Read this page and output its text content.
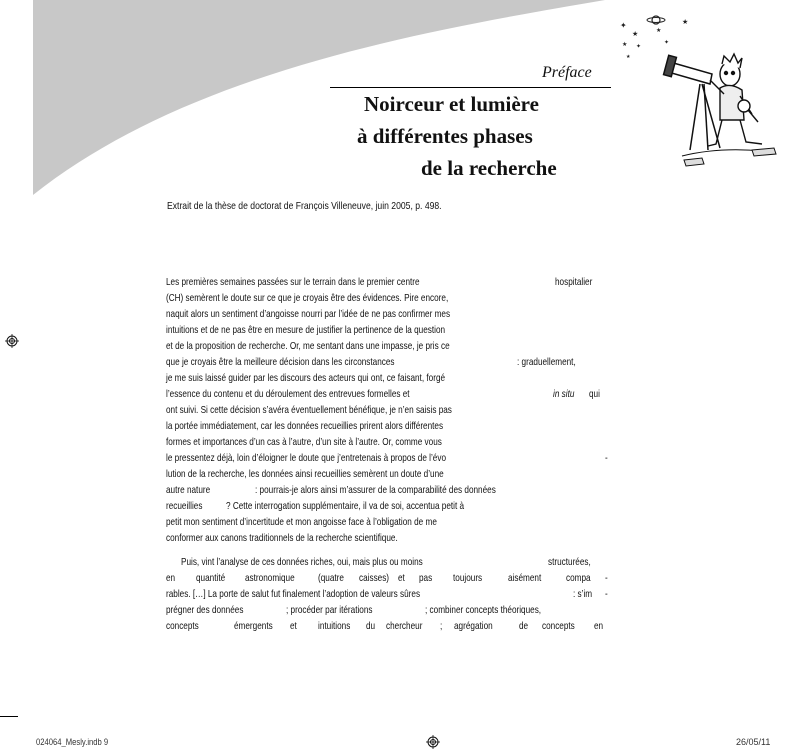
✦
★
★ ✦
★
★
✦
★
Préface
Noirceur et lumière
à différentes phases
de la recherche
Extrait de la thèse de doctorat de François Villeneuve, juin 2005, p. 498.
Les premières semaines passées sur le terrain dans le premier centre	hospitalier
(CH) semèrent le doute sur ce que je croyais être des évidences. Pire encore,
naquit alors un sentiment d’angoisse nourri par l’idée de ne pas confirmer mes
intuitions et de ne pas être en mesure de justifier la pertinence de la question
et de la proposition de recherche. Or, me sentant dans une impasse, je pris ce
que je croyais être la meilleure décision dans les circonstances	: graduellement,
je me suis laissé guider par les discours des acteurs qui ont, ce faisant, forgé
l’essence du contenu et du déroulement des entrevues formelles et	in situ qui
ont suivi. Si cette décision s’avéra éventuellement bénéfique, je n’en saisis pas
la portée immédiatement, car les données recueillies prirent alors différentes
formes et importances d’un cas à l’autre, d’un site à l’autre. Or, comme vous
le pressentez déjà, loin d’éloigner le doute que j’entretenais à propos de l’évo	-
lution de la recherche, les données ainsi recueillies semèrent un doute d’une
autre nature	: pourrais-je alors ainsi m’assurer de la comparabilité des données
recueillies ? Cette interrogation supplémentaire, il va de soi, accentua petit à
petit mon sentiment d’incertitude et mon angoisse face à l’obligation de me
conformer aux canons traditionnels de la recherche scientifique.
Puis, vint l’analyse de ces données riches, oui, mais plus ou moins	structurées,
en quantité astronomique (quatre caisses) et pas toujours aisément compa -
rables. […] La porte de salut fut finalement l’adoption de valeurs sûres	: s’im -
prégner des données	; procéder par itérations	; combiner concepts théoriques,
concepts	émergents et intuitions du chercheur ; agrégation	de concepts en
024064_Mesly.indb 9	26/05/11
